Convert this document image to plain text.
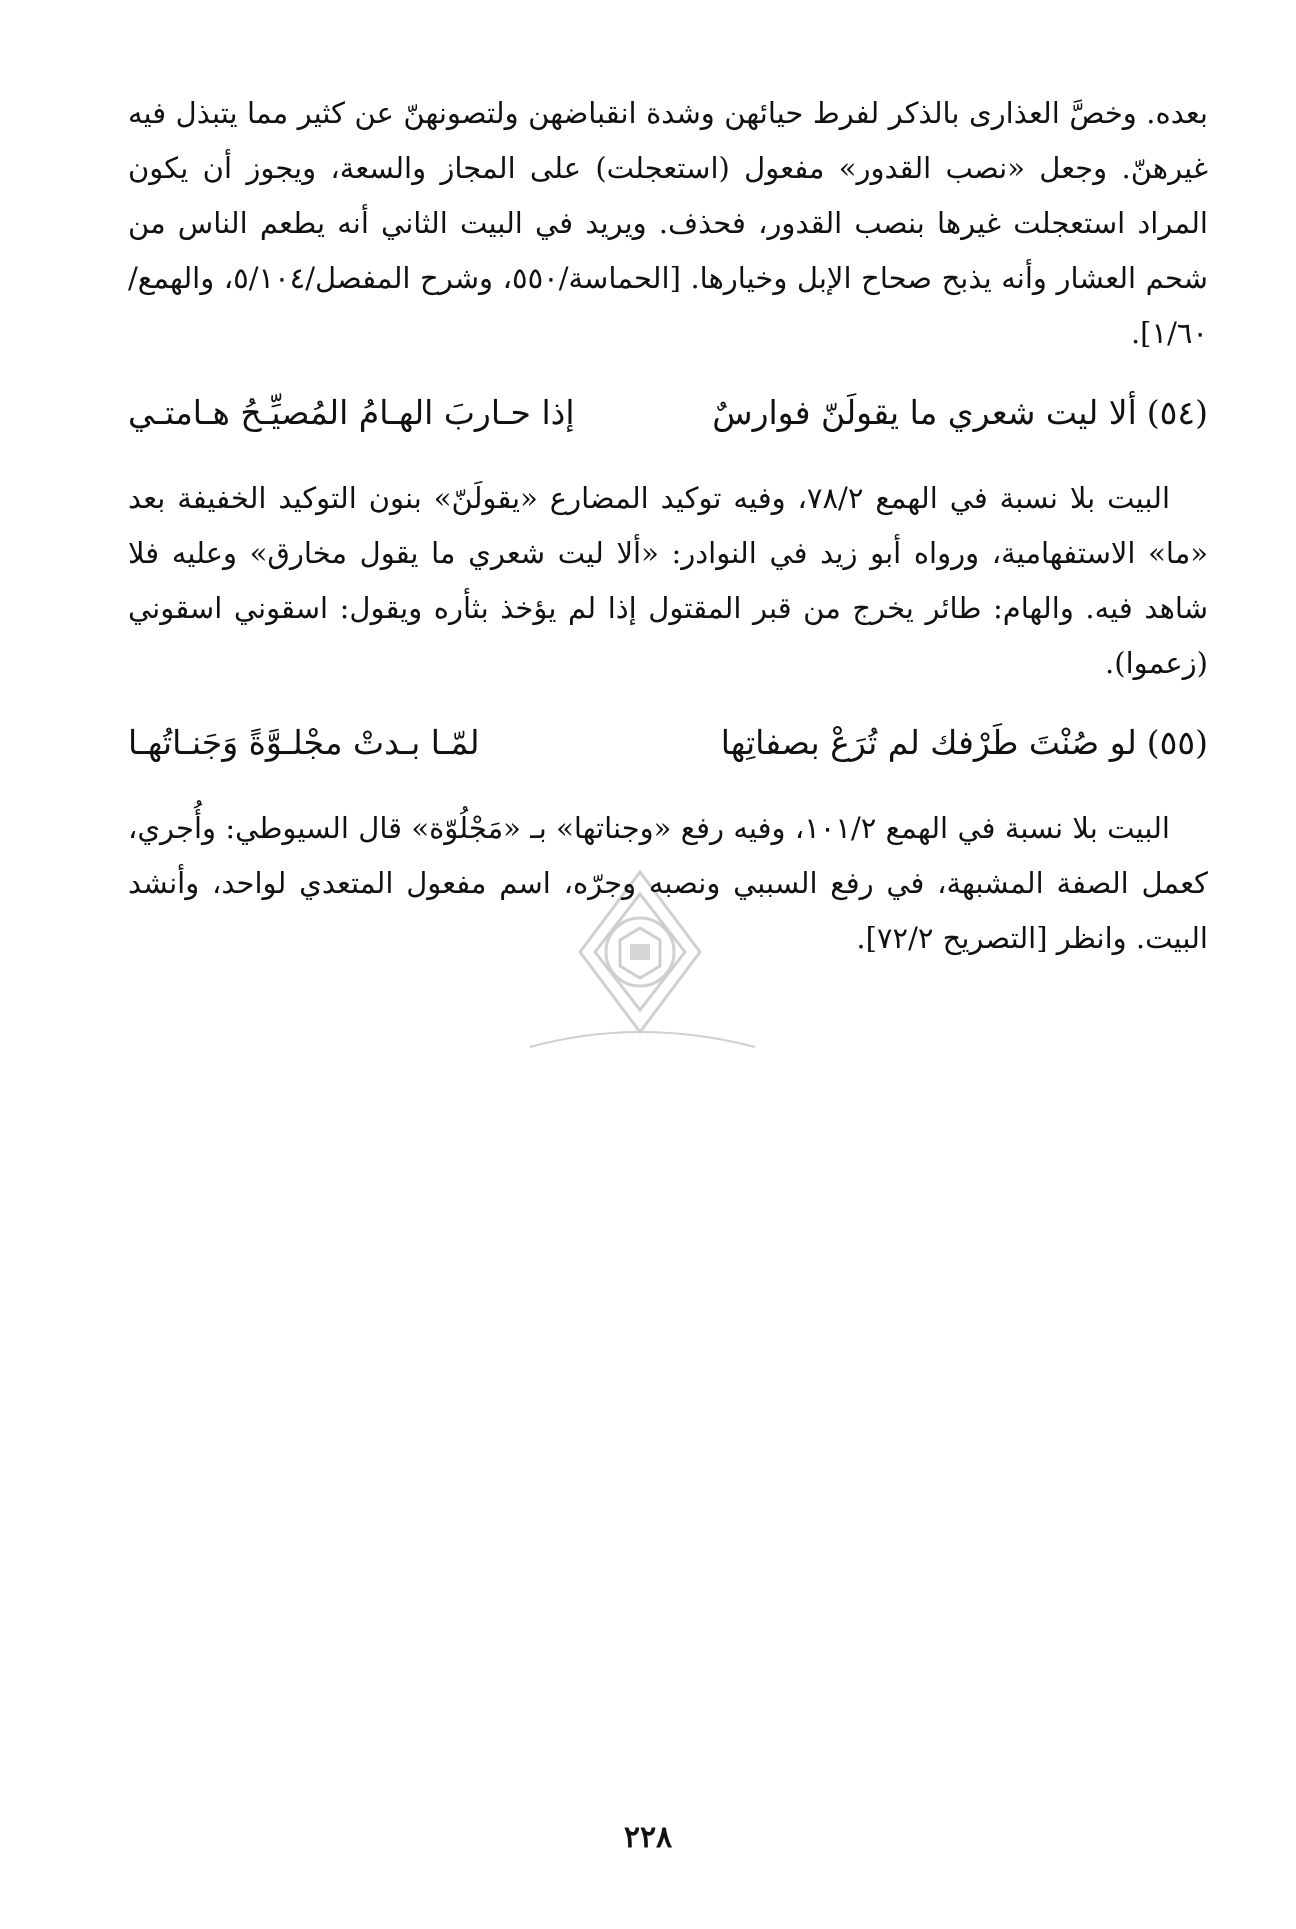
بعده. وخصَّ العذارى بالذكر لفرط حيائهن وشدة انقباضهن ولتصونهنّ عن كثير مما يتبذل فيه غيرهنّ. وجعل «نصب القدور» مفعول (استعجلت) على المجاز والسعة، ويجوز أن يكون المراد استعجلت غيرها بنصب القدور، فحذف. ويريد في البيت الثاني أنه يطعم الناس من شحم العشار وأنه يذبح صحاح الإبل وخيارها. [الحماسة/٥٥٠، وشرح المفصل/٥/١٠٤، والهمع/١/٦٠].

(٥٤)
ألا ليت شعري ما يقولَنّ فوارسٌ
إذا حـاربَ الهـامُ المُصيِّـحُ هـامتـي

البيت بلا نسبة في الهمع ٧٨/٢، وفيه توكيد المضارع «يقولَنّ» بنون التوكيد الخفيفة بعد «ما» الاستفهامية، ورواه أبو زيد في النوادر: «ألا ليت شعري ما يقول مخارق» وعليه فلا شاهد فيه. والهام: طائر يخرج من قبر المقتول إذا لم يؤخذ بثأره ويقول: اسقوني اسقوني (زعموا).

(٥٥)
لو صُنْتَ طَرْفك لم تُرَعْ بصفاتِها
لمّـا بـدتْ مجْلـوَّةً وَجَنـاتُهـا

البيت بلا نسبة في الهمع ١٠١/٢، وفيه رفع «وجناتها» بـ «مَجْلُوّة» قال السيوطي: وأُجري، كعمل الصفة المشبهة، في رفع السببي ونصبه وجرّه، اسم مفعول المتعدي لواحد، وأنشد البيت. وانظر [التصريح ٧٢/٢].

٢٢٨
